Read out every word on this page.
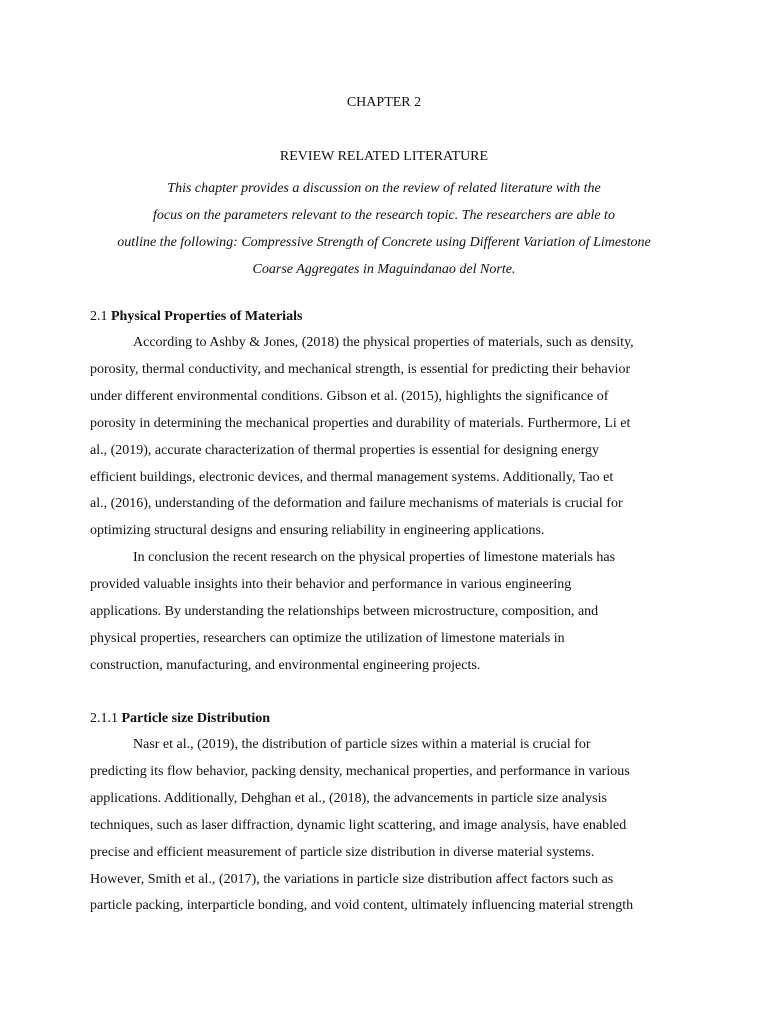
CHAPTER 2
REVIEW RELATED LITERATURE

This chapter provides a discussion on the review of related literature with the
focus on the parameters relevant to the research topic. The researchers are able to
outline the following: Compressive Strength of Concrete using Different Variation of Limestone
Coarse Aggregates in Maguindanao del Norte.

2.1 Physical Properties of Materials

According to Ashby & Jones, (2018) the physical properties of materials, such as density,
porosity, thermal conductivity, and mechanical strength, is essential for predicting their behavior
under different environmental conditions. Gibson et al. (2015), highlights the significance of
porosity in determining the mechanical properties and durability of materials. Furthermore, Li et
al., (2019), accurate characterization of thermal properties is essential for designing energy
efficient buildings, electronic devices, and thermal management systems. Additionally, Tao et
al., (2016), understanding of the deformation and failure mechanisms of materials is crucial for
optimizing structural designs and ensuring reliability in engineering applications.

In conclusion the recent research on the physical properties of limestone materials has
provided valuable insights into their behavior and performance in various engineering
applications. By understanding the relationships between microstructure, composition, and
physical properties, researchers can optimize the utilization of limestone materials in
construction, manufacturing, and environmental engineering projects.

2.1.1 Particle size Distribution

Nasr et al., (2019), the distribution of particle sizes within a material is crucial for
predicting its flow behavior, packing density, mechanical properties, and performance in various
applications. Additionally, Dehghan et al., (2018), the advancements in particle size analysis
techniques, such as laser diffraction, dynamic light scattering, and image analysis, have enabled
precise and efficient measurement of particle size distribution in diverse material systems.
However, Smith et al., (2017), the variations in particle size distribution affect factors such as
particle packing, interparticle bonding, and void content, ultimately influencing material strength
